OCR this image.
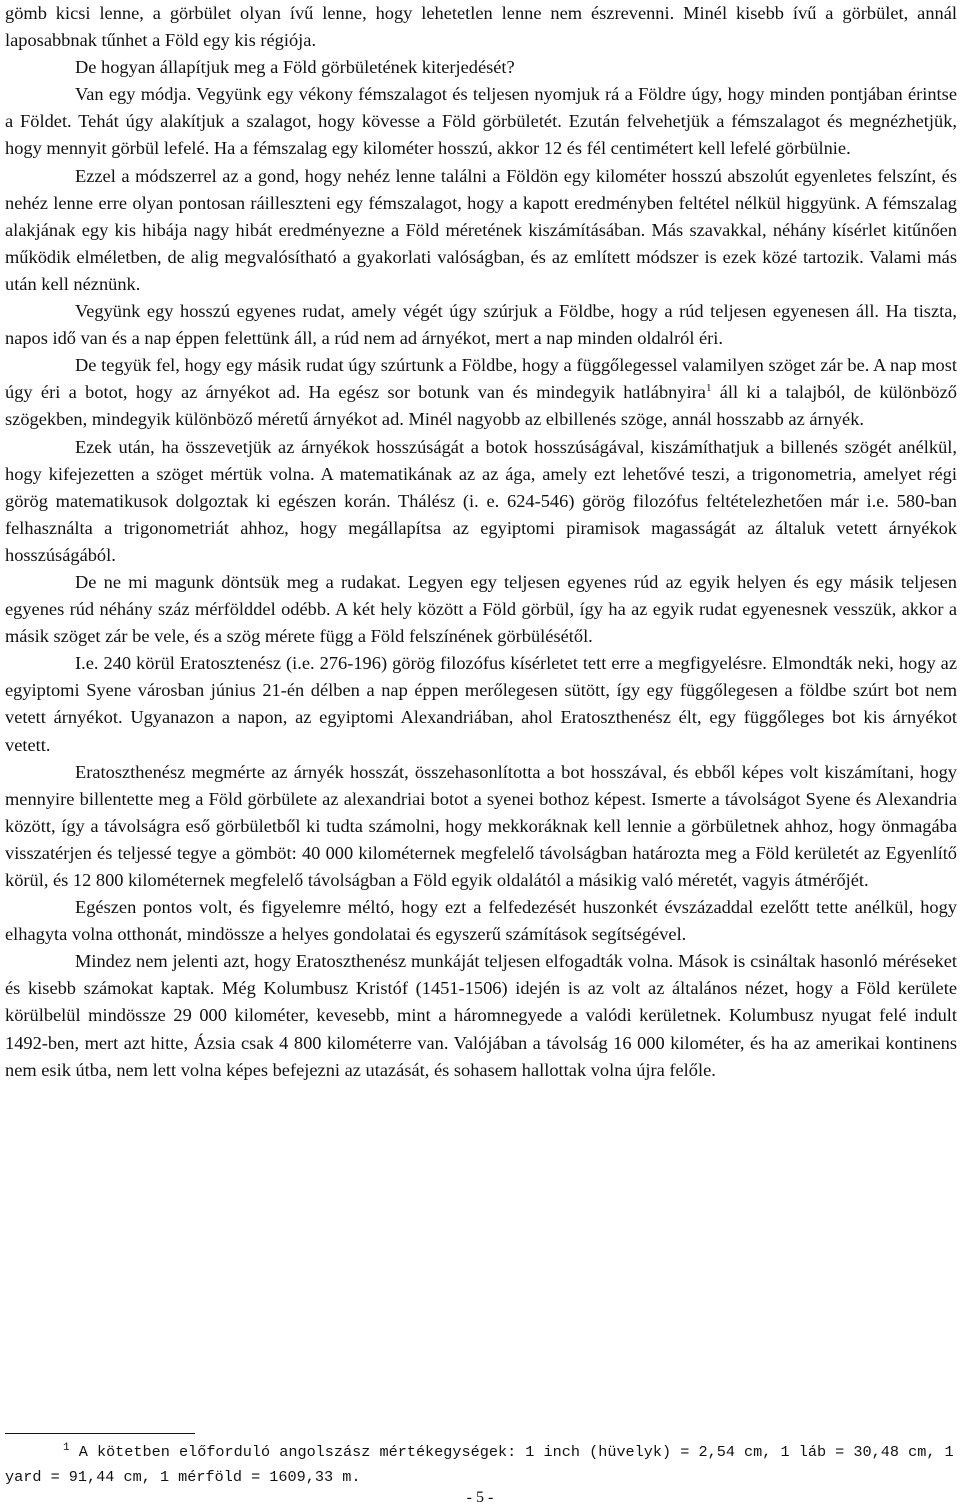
gömb kicsi lenne, a görbület olyan ívű lenne, hogy lehetetlen lenne nem észrevenni. Minél kisebb ívű a görbület, annál laposabbnak tűnhet a Föld egy kis régiója.

De hogyan állapítjuk meg a Föld görbületének kiterjedését?

Van egy módja. Vegyünk egy vékony fémszalagot és teljesen nyomjuk rá a Földre úgy, hogy minden pontjában érintse a Földet. Tehát úgy alakítjuk a szalagot, hogy kövesse a Föld görbületét. Ezután felvehetjük a fémszalagot és megnézhetjük, hogy mennyit görbül lefelé. Ha a fémszalag egy kilométer hosszú, akkor 12 és fél centimétert kell lefelé görbülnie.

Ezzel a módszerrel az a gond, hogy nehéz lenne találni a Földön egy kilométer hosszú abszolút egyenletes felszínt, és nehéz lenne erre olyan pontosan ráilleszteni egy fémszalagot, hogy a kapott eredményben feltétel nélkül higgyünk. A fémszalag alakjának egy kis hibája nagy hibát eredményezne a Föld méretének kiszámításában. Más szavakkal, néhány kísérlet kitűnően működik elméletben, de alig megvalósítható a gyakorlati valóságban, és az említett módszer is ezek közé tartozik. Valami más után kell néznünk.

Vegyünk egy hosszú egyenes rudat, amely végét úgy szúrjuk a Földbe, hogy a rúd teljesen egyenesen áll. Ha tiszta, napos idő van és a nap éppen felettünk áll, a rúd nem ad árnyékot, mert a nap minden oldalról éri.

De tegyük fel, hogy egy másik rudat úgy szúrtunk a Földbe, hogy a függőlegessel valamilyen szöget zár be. A nap most úgy éri a botot, hogy az árnyékot ad. Ha egész sor botunk van és mindegyik hatlábnyira$^1$ áll ki a talajból, de különböző szögekben, mindegyik különböző méretű árnyékot ad. Minél nagyobb az elbillenés szöge, annál hosszabb az árnyék.

Ezek után, ha összevetjük az árnyékok hosszúságát a botok hosszúságával, kiszámíthatjuk a billenés szögét anélkül, hogy kifejezetten a szöget mértük volna. A matematikának az az ága, amely ezt lehetővé teszi, a trigonometria, amelyet régi görög matematikusok dolgoztak ki egészen korán. Thálész (i. e. 624-546) görög filozófus feltételezhetően már i.e. 580-ban felhasználta a trigonometriát ahhoz, hogy megállapítsa az egyiptomi piramisok magasságát az általuk vetett árnyékok hosszúságából.

De ne mi magunk döntsük meg a rudakat. Legyen egy teljesen egyenes rúd az egyik helyen és egy másik teljesen egyenes rúd néhány száz mérfölddel odébb. A két hely között a Föld görbül, így ha az egyik rudat egyenesnek vesszük, akkor a másik szöget zár be vele, és a szög mérete függ a Föld felszínének görbülésétől.

I.e. 240 körül Eratosztenész (i.e. 276-196) görög filozófus kísérletet tett erre a megfigyelésre. Elmondták neki, hogy az egyiptomi Syene városban június 21-én délben a nap éppen merőlegesen sütött, így egy függőlegesen a földbe szúrt bot nem vetett árnyékot. Ugyanazon a napon, az egyiptomi Alexandriában, ahol Eratoszthenész élt, egy függőleges bot kis árnyékot vetett.

Eratoszthenész megmérte az árnyék hosszát, összehasonlította a bot hosszával, és ebből képes volt kiszámítani, hogy mennyire billentette meg a Föld görbülete az alexandriai botot a syenei bothoz képest. Ismerte a távolságot Syene és Alexandria között, így a távolságra eső görbületből ki tudta számolni, hogy mekkoráknak kell lennie a görbületnek ahhoz, hogy önmagába visszatérjen és teljessé tegye a gömböt: 40 000 kilométernek megfelelő távolságban határozta meg a Föld kerületét az Egyenlítő körül, és 12 800 kilométernek megfelelő távolságban a Föld egyik oldalától a másikig való méretét, vagyis átmérőjét.

Egészen pontos volt, és figyelemre méltó, hogy ezt a felfedezését huszonkét évszázaddal ezelőtt tette anélkül, hogy elhagyta volna otthonát, mindössze a helyes gondolatai és egyszerű számítások segítségével.

Mindez nem jelenti azt, hogy Eratoszthenész munkáját teljesen elfogadták volna. Mások is csináltak hasonló méréseket és kisebb számokat kaptak. Még Kolumbusz Kristóf (1451-1506) idején is az volt az általános nézet, hogy a Föld kerülete körülbelül mindössze 29 000 kilométer, kevesebb, mint a háromnegyede a valódi kerületnek. Kolumbusz nyugat felé indult 1492-ben, mert azt hitte, Ázsia csak 4 800 kilométerre van. Valójában a távolság 16 000 kilométer, és ha az amerikai kontinens nem esik útba, nem lett volna képes befejezni az utazását, és sohasem hallottak volna újra felőle.

$^1$ A kötetben előforduló angolszász mértékegységek: 1 inch (hüvelyk) = 2,54 cm, 1 láb = 30,48 cm, 1 yard = 91,44 cm, 1 mérföld = 1609,33 m.

- 5 -
